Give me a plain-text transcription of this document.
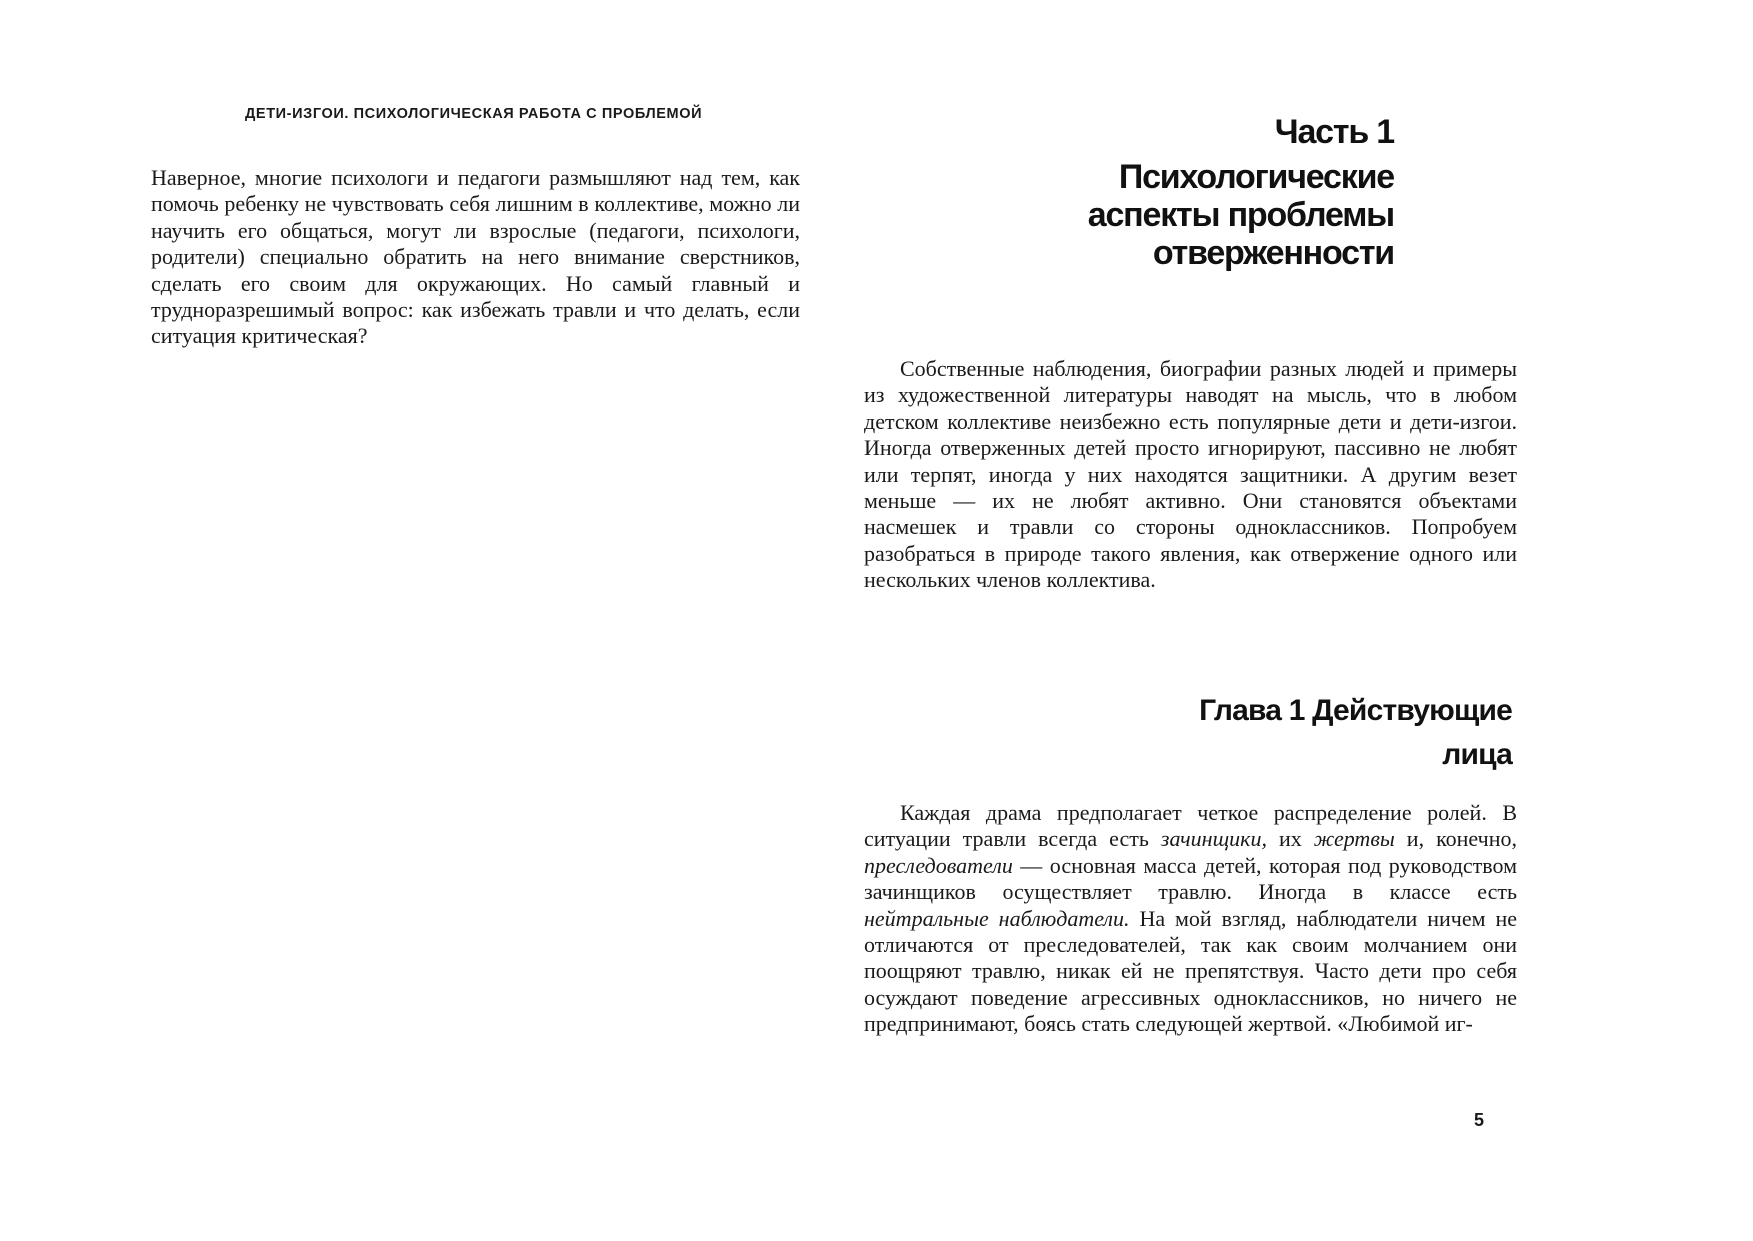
ДЕТИ-ИЗГОИ. ПСИХОЛОГИЧЕСКАЯ РАБОТА С ПРОБЛЕМОЙ

Наверное, многие психологи и педагоги размышляют над тем, как помочь ребенку не чувствовать себя лишним в коллективе, можно ли научить его общаться, могут ли взрослые (педагоги, психологи, родители) специально обратить на него внимание сверстников, сделать его своим для окружающих. Но самый главный и трудноразрешимый вопрос: как избежать травли и что делать, если ситуация критическая?

Часть 1
Психологические
аспекты проблемы
отверженности

Собственные наблюдения, биографии разных людей и примеры из художественной литературы наводят на мысль, что в любом детском коллективе неизбежно есть популярные дети и дети-изгои. Иногда отверженных детей просто игнорируют, пассивно не любят или терпят, иногда у них находятся защитники. А другим везет меньше — их не любят активно. Они становятся объектами насмешек и травли со стороны одноклассников. Попробуем разобраться в природе такого явления, как отвержение одного или нескольких членов коллектива.

Глава 1 Действующие
лица

Каждая драма предполагает четкое распределение ролей. В ситуации травли всегда есть зачинщики, их жертвы и, конечно, преследователи — основная масса детей, которая под руководством зачинщиков осуществляет травлю. Иногда в классе есть нейтральные наблюдатели. На мой взгляд, наблюдатели ничем не отличаются от преследователей, так как своим молчанием они поощряют травлю, никак ей не препятствуя. Часто дети про себя осуждают поведение агрессивных одноклассников, но ничего не предпринимают, боясь стать следующей жертвой. «Любимой иг-

5
